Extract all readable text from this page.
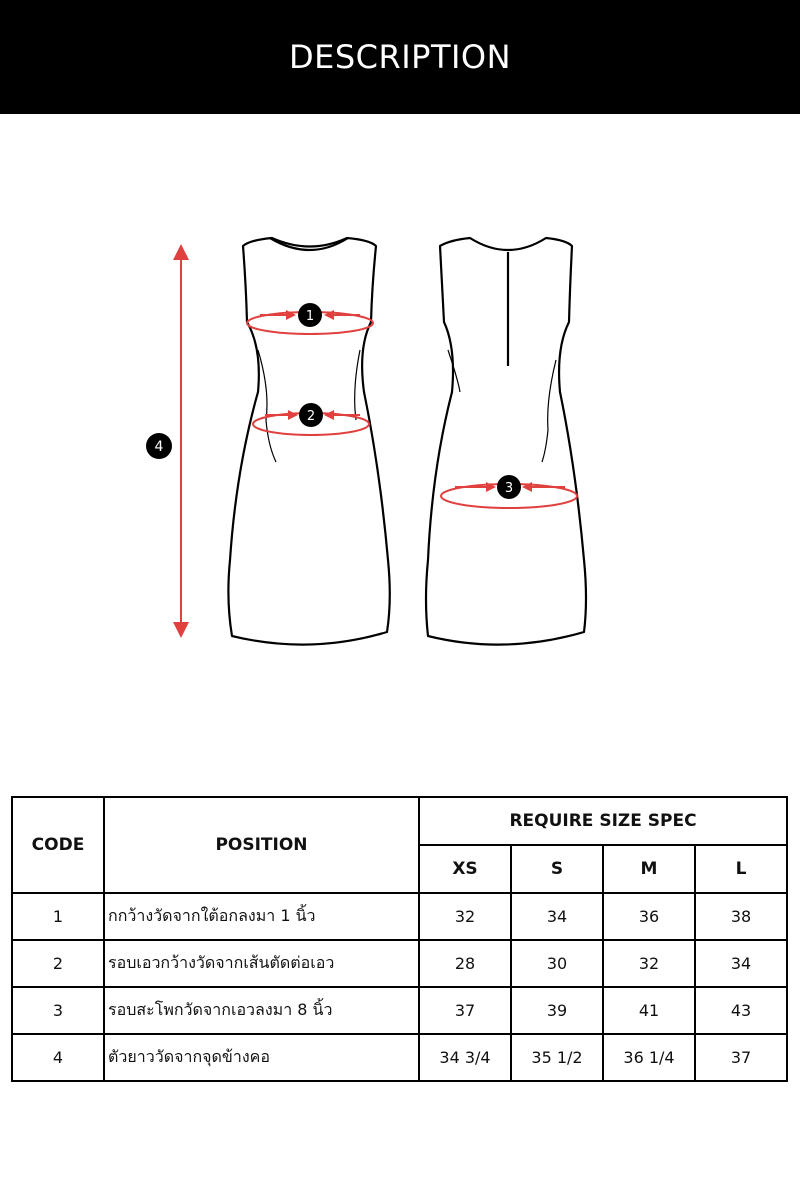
DESCRIPTION
4
1
2
3
CODE	POSITION	REQUIRE SIZE SPEC			
		XS	S	M	L
1	กกว้างวัดจากใต้อกลงมา 1 นิ้ว	32	34	36	38
2	รอบเอวกว้างวัดจากเส้นตัดต่อเอว	28	30	32	34
3	รอบสะโพกวัดจากเอวลงมา 8 นิ้ว	37	39	41	43
4	ตัวยาววัดจากจุดข้างคอ	34 3/4	35 1/2	36 1/4	37
